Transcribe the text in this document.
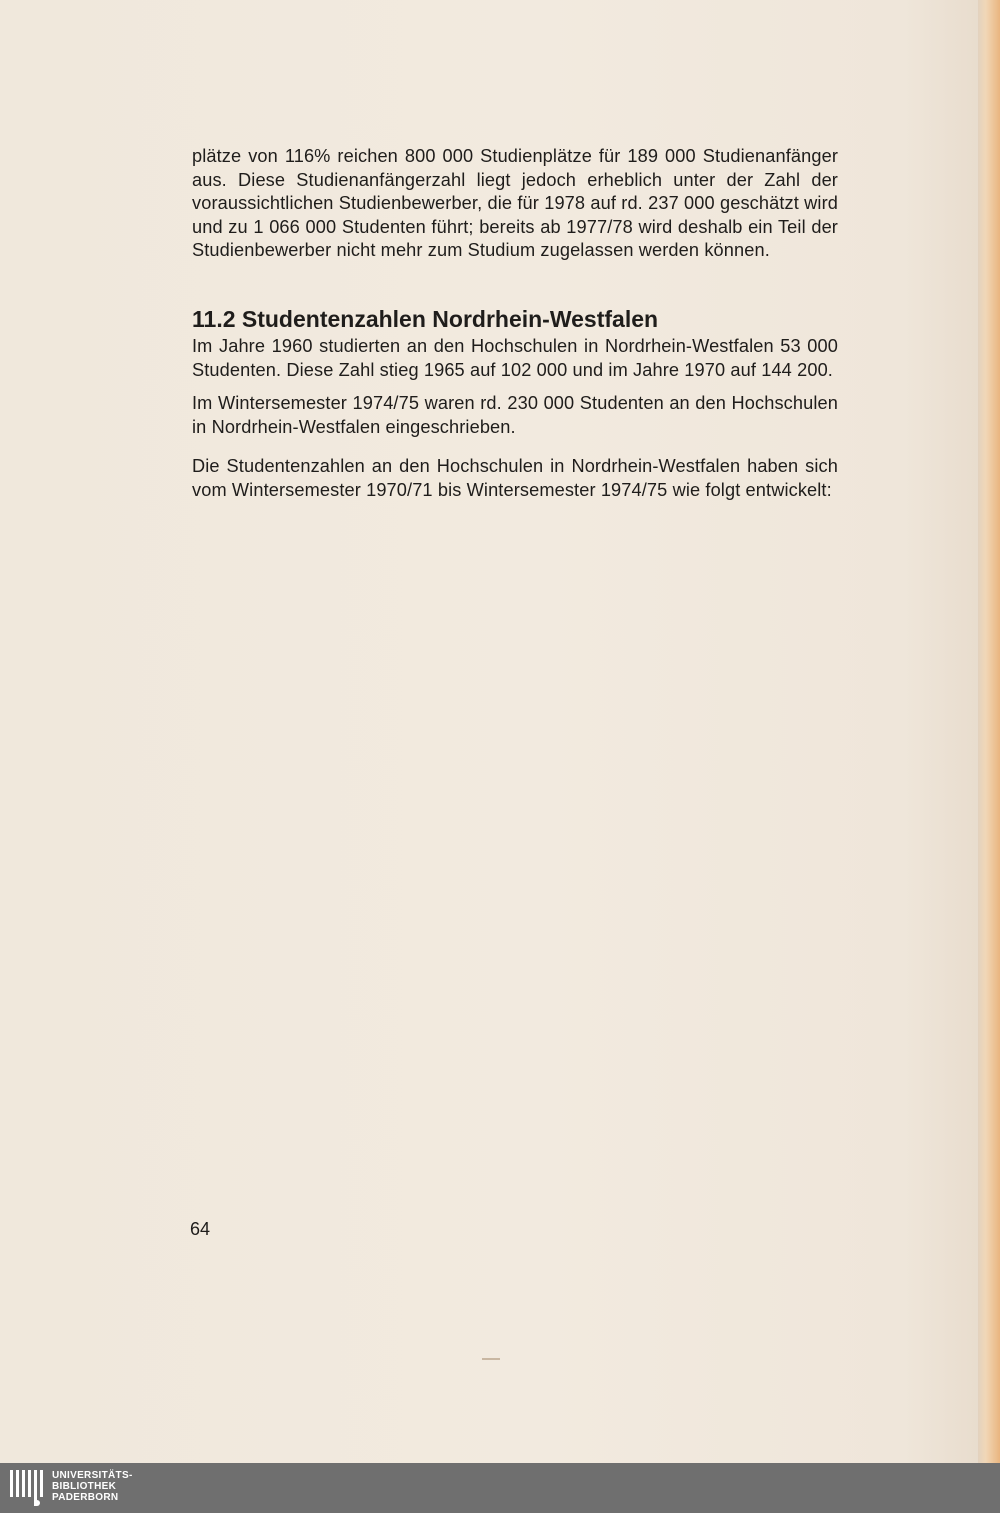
plätze von 116% reichen 800 000 Studienplätze für 189 000 Studienanfänger aus. Diese Studienanfängerzahl liegt jedoch erheblich unter der Zahl der voraussichtlichen Studienbewerber, die für 1978 auf rd. 237 000 geschätzt wird und zu 1 066 000 Studenten führt; bereits ab 1977/78 wird deshalb ein Teil der Studienbewerber nicht mehr zum Studium zugelassen werden können.

11.2 Studentenzahlen Nordrhein-Westfalen

Im Jahre 1960 studierten an den Hochschulen in Nordrhein-Westfalen 53 000 Studenten. Diese Zahl stieg 1965 auf 102 000 und im Jahre 1970 auf 144 200.

Im Wintersemester 1974/75 waren rd. 230 000 Studenten an den Hochschulen in Nordrhein-Westfalen eingeschrieben.

Die Studentenzahlen an den Hochschulen in Nordrhein-Westfalen haben sich vom Wintersemester 1970/71 bis Wintersemester 1974/75 wie folgt entwickelt:

64
UNIVERSITÄTS-
BIBLIOTHEK
PADERBORN
